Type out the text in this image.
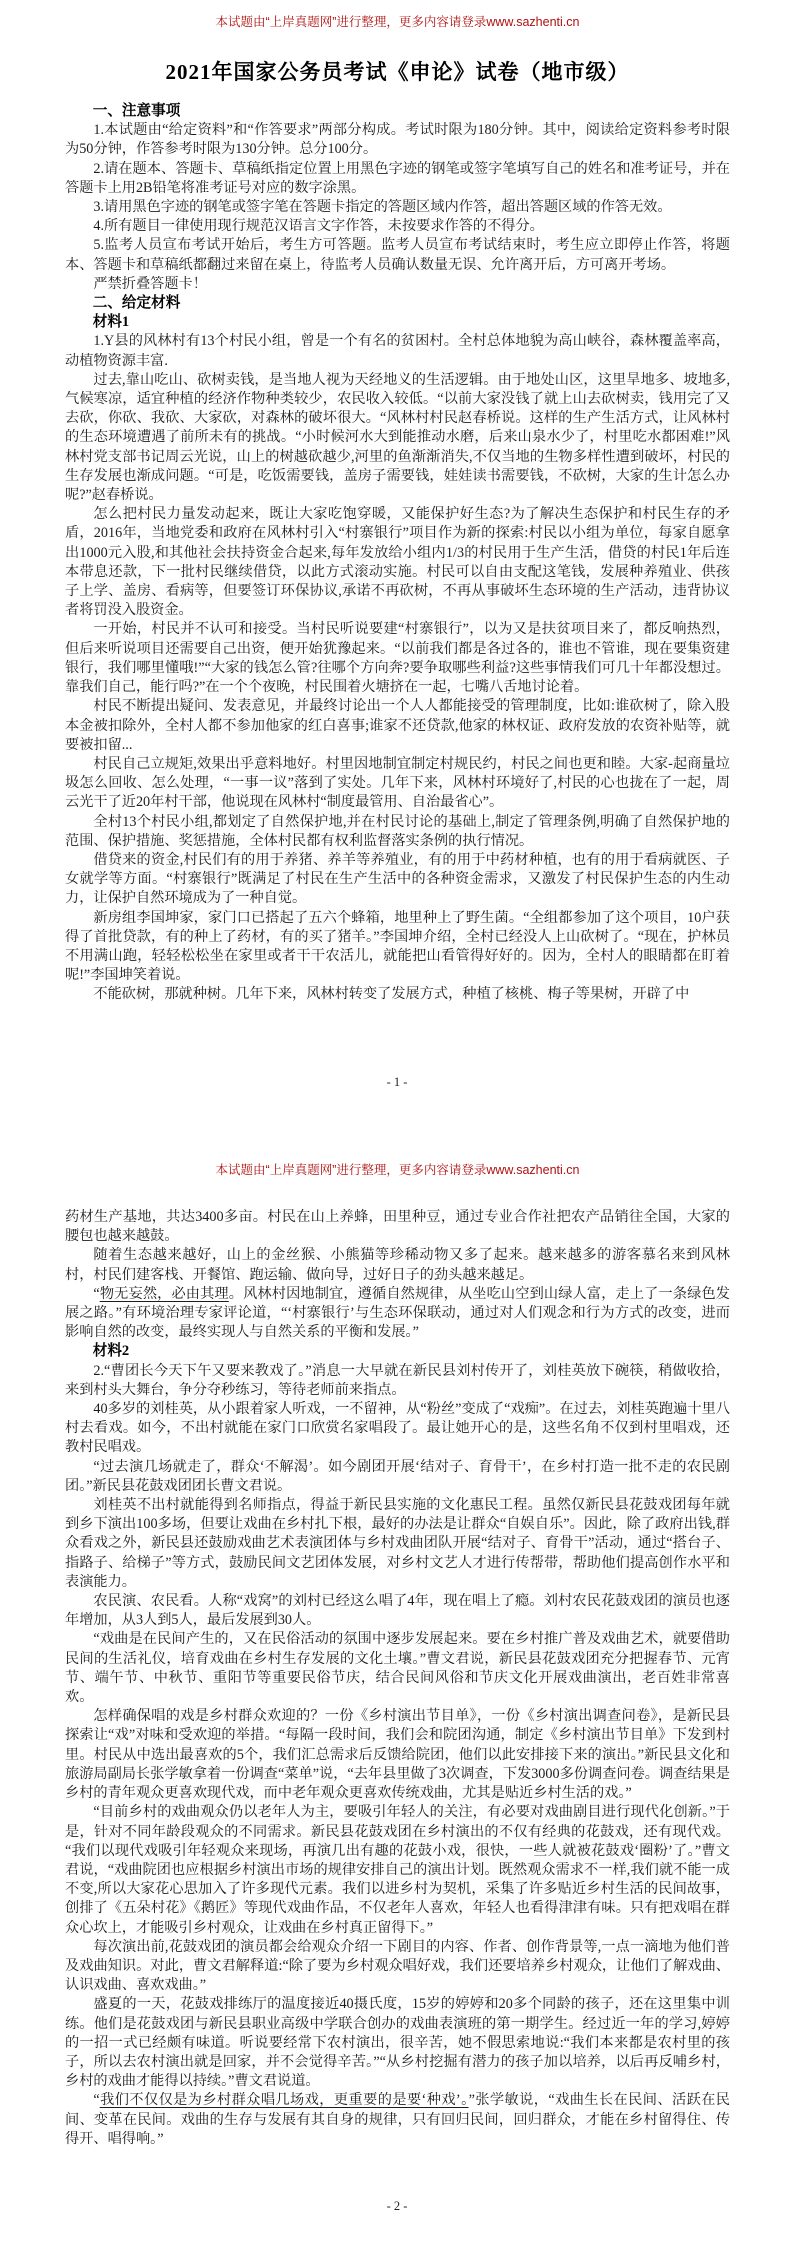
本试题由“上岸真题网”进行整理，更多内容请登录www.sazhenti.cn

2021年国家公务员考试《申论》试卷（地市级）
一、注意事项

1.本试题由“给定资料”和“作答要求”两部分构成。考试时限为180分钟。其中，阅读给定资料参考时限为50分钟，作答参考时限为130分钟。总分100分。

2.请在题本、答题卡、草稿纸指定位置上用黑色字迹的钢笔或签字笔填写自己的姓名和准考证号，并在答题卡上用2B铅笔将准考证号对应的数字涂黑。

3.请用黑色字迹的钢笔或签字笔在答题卡指定的答题区域内作答，超出答题区域的作答无效。

4.所有题目一律使用现行规范汉语言文字作答，未按要求作答的不得分。

5.监考人员宣布考试开始后，考生方可答题。监考人员宣布考试结束时，考生应立即停止作答，将题本、答题卡和草稿纸都翻过来留在桌上，待监考人员确认数量无误、允许离开后，方可离开考场。

严禁折叠答题卡！

二、给定材料
材料1

1.Y县的风林村有13个村民小组，曾是一个有名的贫困村。全村总体地貌为高山峡谷，森林覆盖率高，动植物资源丰富.

过去,靠山吃山、砍树卖钱，是当地人视为天经地义的生活逻辑。由于地处山区，这里旱地多、坡地多,气候寒凉，适宜种植的经济作物种类较少，农民收入较低。“以前大家没钱了就上山去砍树卖，钱用完了又去砍，你砍、我砍、大家砍，对森林的破坏很大。“风林村村民赵春桥说。这样的生产生活方式，让风林村的生态环境遭遇了前所未有的挑战。“小时候河水大到能推动水磨，后来山泉水少了，村里吃水都困难!”风林村党支部书记周云光说，山上的树越砍越少,河里的鱼渐渐消失,不仅当地的生物多样性遭到破坏，村民的生存发展也渐成问题。“可是，吃饭需要钱，盖房子需要钱，娃娃读书需要钱，不砍树，大家的生计怎么办呢?”赵春桥说。

怎么把村民力量发动起来，既让大家吃饱穿暖，又能保护好生态?为了解决生态保护和村民生存的矛盾，2016年，当地党委和政府在风林村引入“村寨银行”项目作为新的探索:村民以小组为单位，每家自愿拿出1000元入股,和其他社会扶持资金合起来,每年发放给小组内1/3的村民用于生产生活，借贷的村民1年后连本带息还款，下一批村民继续借贷，以此方式滚动实施。村民可以自由支配这笔钱，发展种养殖业、供孩子上学、盖房、看病等，但要签订环保协议,承诺不再砍树，不再从事破坏生态环境的生产活动，违背协议者将罚没入股资金。

一开始，村民并不认可和接受。当村民听说要建“村寨银行”，以为又是扶贫项目来了，都反响热烈，但后来听说项目还需要自己出资，便开始犹豫起来。“以前我们都是各过各的，谁也不管谁，现在要集资建银行，我们哪里懂哦!”“大家的钱怎么管?往哪个方向奔?要争取哪些利益?这些事情我们可几十年都没想过。靠我们自己，能行吗?”在一个个夜晚，村民围着火塘挤在一起，七嘴八舌地讨论着。

村民不断提出疑问、发表意见，并最终讨论出一个人人都能接受的管理制度，比如:谁砍树了，除入股本金被扣除外，全村人都不参加他家的红白喜事;谁家不还贷款,他家的林权证、政府发放的农资补贴等，就要被扣留...

村民自己立规矩,效果出乎意料地好。村里因地制宜制定村规民约，村民之间也更和睦。大家-起商量垃圾怎么回收、怎么处理，“一事一议”落到了实处。几年下来，风林村环境好了,村民的心也拢在了一起，周云光干了近20年村干部，他说现在风林村“制度最管用、自治最省心”。

全村13个村民小组,都划定了自然保护地,并在村民讨论的基础上,制定了管理条例,明确了自然保护地的范围、保护措施、奖惩措施，全体村民都有权利监督落实条例的执行情况。

借贷来的资金,村民们有的用于养猪、养羊等养殖业，有的用于中药材种植，也有的用于看病就医、子女就学等方面。“村寨银行”既满足了村民在生产生活中的各种资金需求，又激发了村民保护生态的内生动力，让保护自然环境成为了一种自觉。

新房组李国坤家，家门口已搭起了五六个蜂箱，地里种上了野生菌。“全组都参加了这个项目，10户获得了首批贷款，有的种上了药材，有的买了猪羊。”李国坤介绍，全村已经没人上山砍树了。“现在，护林员不用满山跑，轻轻松松坐在家里或者干干农活儿，就能把山看管得好好的。因为，全村人的眼睛都在盯着呢!”李国坤笑着说。

不能砍树，那就种树。几年下来，风林村转变了发展方式，种植了核桃、梅子等果树，开辟了中

- 1 -

本试题由“上岸真题网”进行整理，更多内容请登录www.sazhenti.cn

药材生产基地，共达3400多亩。村民在山上养蜂，田里种豆，通过专业合作社把农产品销往全国，大家的腰包也越来越鼓。

随着生态越来越好，山上的金丝猴、小熊猫等珍稀动物又多了起来。越来越多的游客慕名来到风林村，村民们建客栈、开餐馆、跑运输、做向导，过好日子的劲头越来越足。

“物无妄然，必由其理。风林村因地制宜，遵循自然规律，从坐吃山空到山绿人富，走上了一条绿色发展之路。”有环境治理专家评论道，“‘村寨银行’与生态环保联动，通过对人们观念和行为方式的改变，进而影响自然的改变，最终实现人与自然关系的平衡和发展。”

材料2

2.“曹团长今天下午又要来教戏了。”消息一大早就在新民县刘村传开了，刘桂英放下碗筷，稍做收拾，来到村头大舞台，争分夺秒练习，等待老师前来指点。

40多岁的刘桂英，从小跟着家人听戏，一不留神，从“粉丝”变成了“戏痴”。在过去，刘桂英跑遍十里八村去看戏。如今，不出村就能在家门口欣赏名家唱段了。最让她开心的是，这些名角不仅到村里唱戏，还教村民唱戏。

“过去演几场就走了，群众‘不解渴’。如今剧团开展‘结对子、育骨干’，在乡村打造一批不走的农民剧团。”新民县花鼓戏团团长曹文君说。

刘桂英不出村就能得到名师指点，得益于新民县实施的文化惠民工程。虽然仅新民县花鼓戏团每年就到乡下演出100多场，但要让戏曲在乡村扎下根，最好的办法是让群众“自娱自乐”。因此，除了政府出钱,群众看戏之外，新民县还鼓励戏曲艺术表演团体与乡村戏曲团队开展“结对子、育骨干”活动，通过“搭台子、指路子、给梯子”等方式，鼓励民间文艺团体发展，对乡村文艺人才进行传帮带，帮助他们提高创作水平和表演能力。

农民演、农民看。人称“戏窝”的刘村已经这么唱了4年，现在唱上了瘾。刘村农民花鼓戏团的演员也逐年增加，从3人到5人，最后发展到30人。

“戏曲是在民间产生的，又在民俗活动的氛围中逐步发展起来。要在乡村推广普及戏曲艺术，就要借助民间的生活礼仪，培育戏曲在乡村生存发展的文化土壤。”曹文君说，新民县花鼓戏团充分把握春节、元宵节、端午节、中秋节、重阳节等重要民俗节庆，结合民间风俗和节庆文化开展戏曲演出，老百姓非常喜欢。

怎样确保唱的戏是乡村群众欢迎的？一份《乡村演出节目单》，一份《乡村演出调查问卷》，是新民县探索让“戏”对味和受欢迎的举措。“每隔一段时间，我们会和院团沟通，制定《乡村演出节目单》下发到村里。村民从中选出最喜欢的5个，我们汇总需求后反馈给院团，他们以此安排接下来的演出。”新民县文化和旅游局副局长张学敏拿着一份调查“菜单”说，“去年县里做了3次调查，下发3000多份调查问卷。调查结果是乡村的青年观众更喜欢现代戏，而中老年观众更喜欢传统戏曲，尤其是贴近乡村生活的戏。”

“目前乡村的戏曲观众仍以老年人为主，要吸引年轻人的关注，有必要对戏曲剧目进行现代化创新。”于是，针对不同年龄段观众的不同需求。新民县花鼓戏团在乡村演出的不仅有经典的花鼓戏，还有现代戏。“我们以现代戏吸引年轻观众来现场，再演几出有趣的花鼓小戏，很快，一些人就被花鼓戏‘圈粉’了。”曹文君说，“戏曲院团也应根据乡村演出市场的规律安排自己的演出计划。既然观众需求不一样,我们就不能一成不变,所以大家花心思加入了许多现代元素。我们以进乡村为契机，采集了许多贴近乡村生活的民间故事，创排了《五朵村花》《鹅匠》等现代戏曲作品，不仅老年人喜欢，年轻人也看得津津有味。只有把戏唱在群众心坎上，才能吸引乡村观众，让戏曲在乡村真正留得下。”

每次演出前,花鼓戏团的演员都会给观众介绍一下剧目的内容、作者、创作背景等,一点一滴地为他们普及戏曲知识。对此，曹文君解释道:“除了要为乡村观众唱好戏，我们还要培养乡村观众，让他们了解戏曲、认识戏曲、喜欢戏曲。”

盛夏的一天，花鼓戏排练厅的温度接近40摄氏度，15岁的婷婷和20多个同龄的孩子，还在这里集中训练。他们是花鼓戏团与新民县职业高级中学联合创办的戏曲表演班的第一期学生。经过近一年的学习,婷婷的一招一式已经颇有味道。听说要经常下农村演出，很辛苦，她不假思索地说:“我们本来都是农村里的孩子，所以去农村演出就是回家，并不会觉得辛苦。”“从乡村挖掘有潜力的孩子加以培养，以后再反哺乡村，乡村的戏曲才能得以持续。”曹文君说道。

“我们不仅仅是为乡村群众唱几场戏，更重要的是要‘种戏’。”张学敏说，“戏曲生长在民间、活跃在民间、变革在民间。戏曲的生存与发展有其自身的规律，只有回归民间，回归群众，才能在乡村留得住、传得开、唱得响。”

- 2 -
